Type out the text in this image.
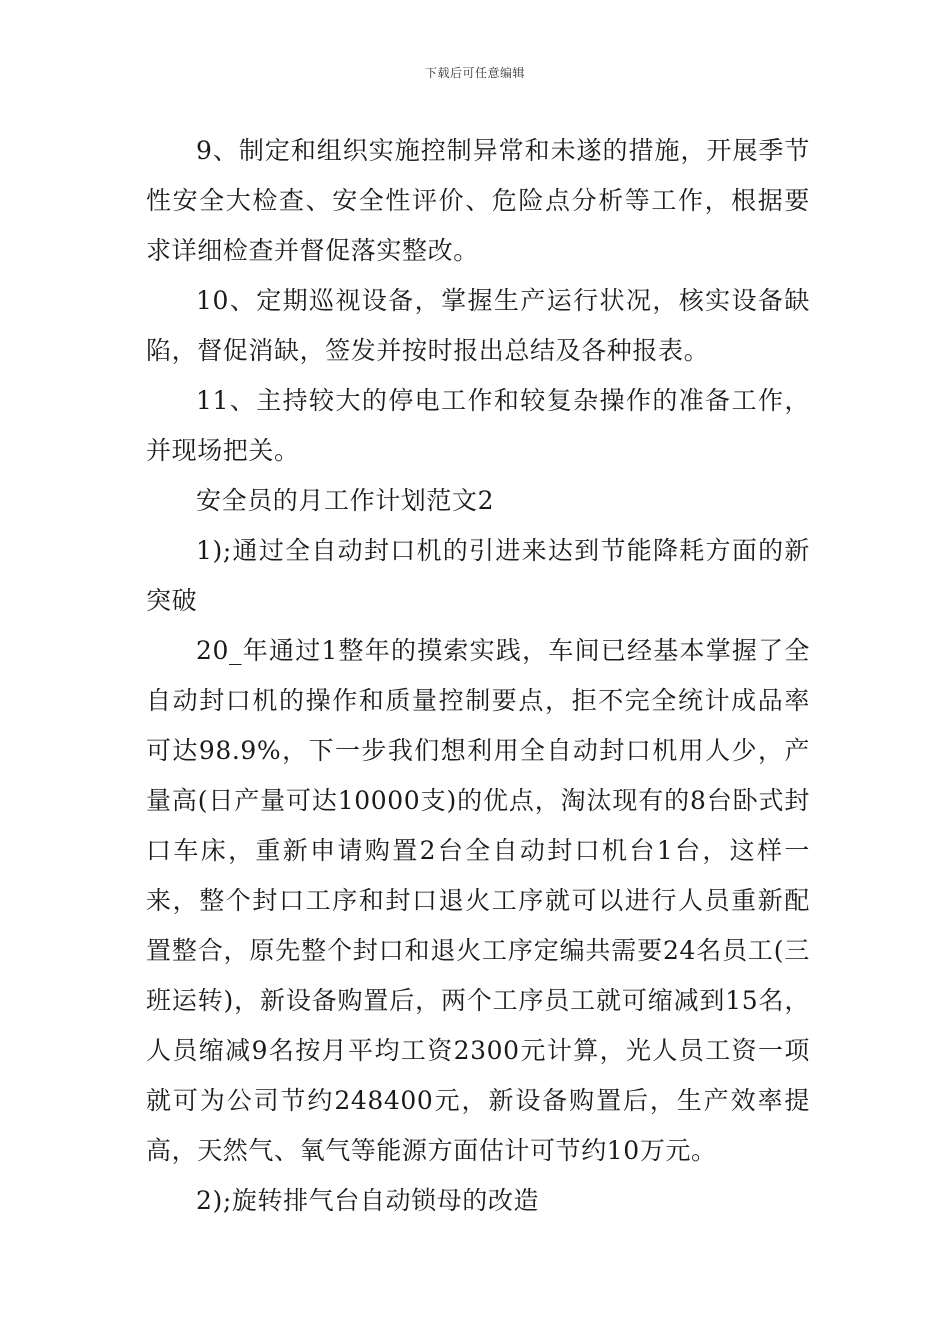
下载后可任意编辑

9、制定和组织实施控制异常和未遂的措施，开展季节性安全大检查、安全性评价、危险点分析等工作，根据要求详细检查并督促落实整改。

10、定期巡视设备，掌握生产运行状况，核实设备缺陷，督促消缺，签发并按时报出总结及各种报表。

11、主持较大的停电工作和较复杂操作的准备工作，并现场把关。

安全员的月工作计划范文2

1);通过全自动封口机的引进来达到节能降耗方面的新突破

20_年通过1整年的摸索实践，车间已经基本掌握了全自动封口机的操作和质量控制要点，拒不完全统计成品率可达98.9%，下一步我们想利用全自动封口机用人少，产量高(日产量可达10000支)的优点，淘汰现有的8台卧式封口车床，重新申请购置2台全自动封口机台1台，这样一来，整个封口工序和封口退火工序就可以进行人员重新配置整合，原先整个封口和退火工序定编共需要24名员工(三班运转)，新设备购置后，两个工序员工就可缩减到15名，人员缩减9名按月平均工资2300元计算，光人员工资一项就可为公司节约248400元，新设备购置后，生产效率提高，天然气、氧气等能源方面估计可节约10万元。

2);旋转排气台自动锁母的改造
